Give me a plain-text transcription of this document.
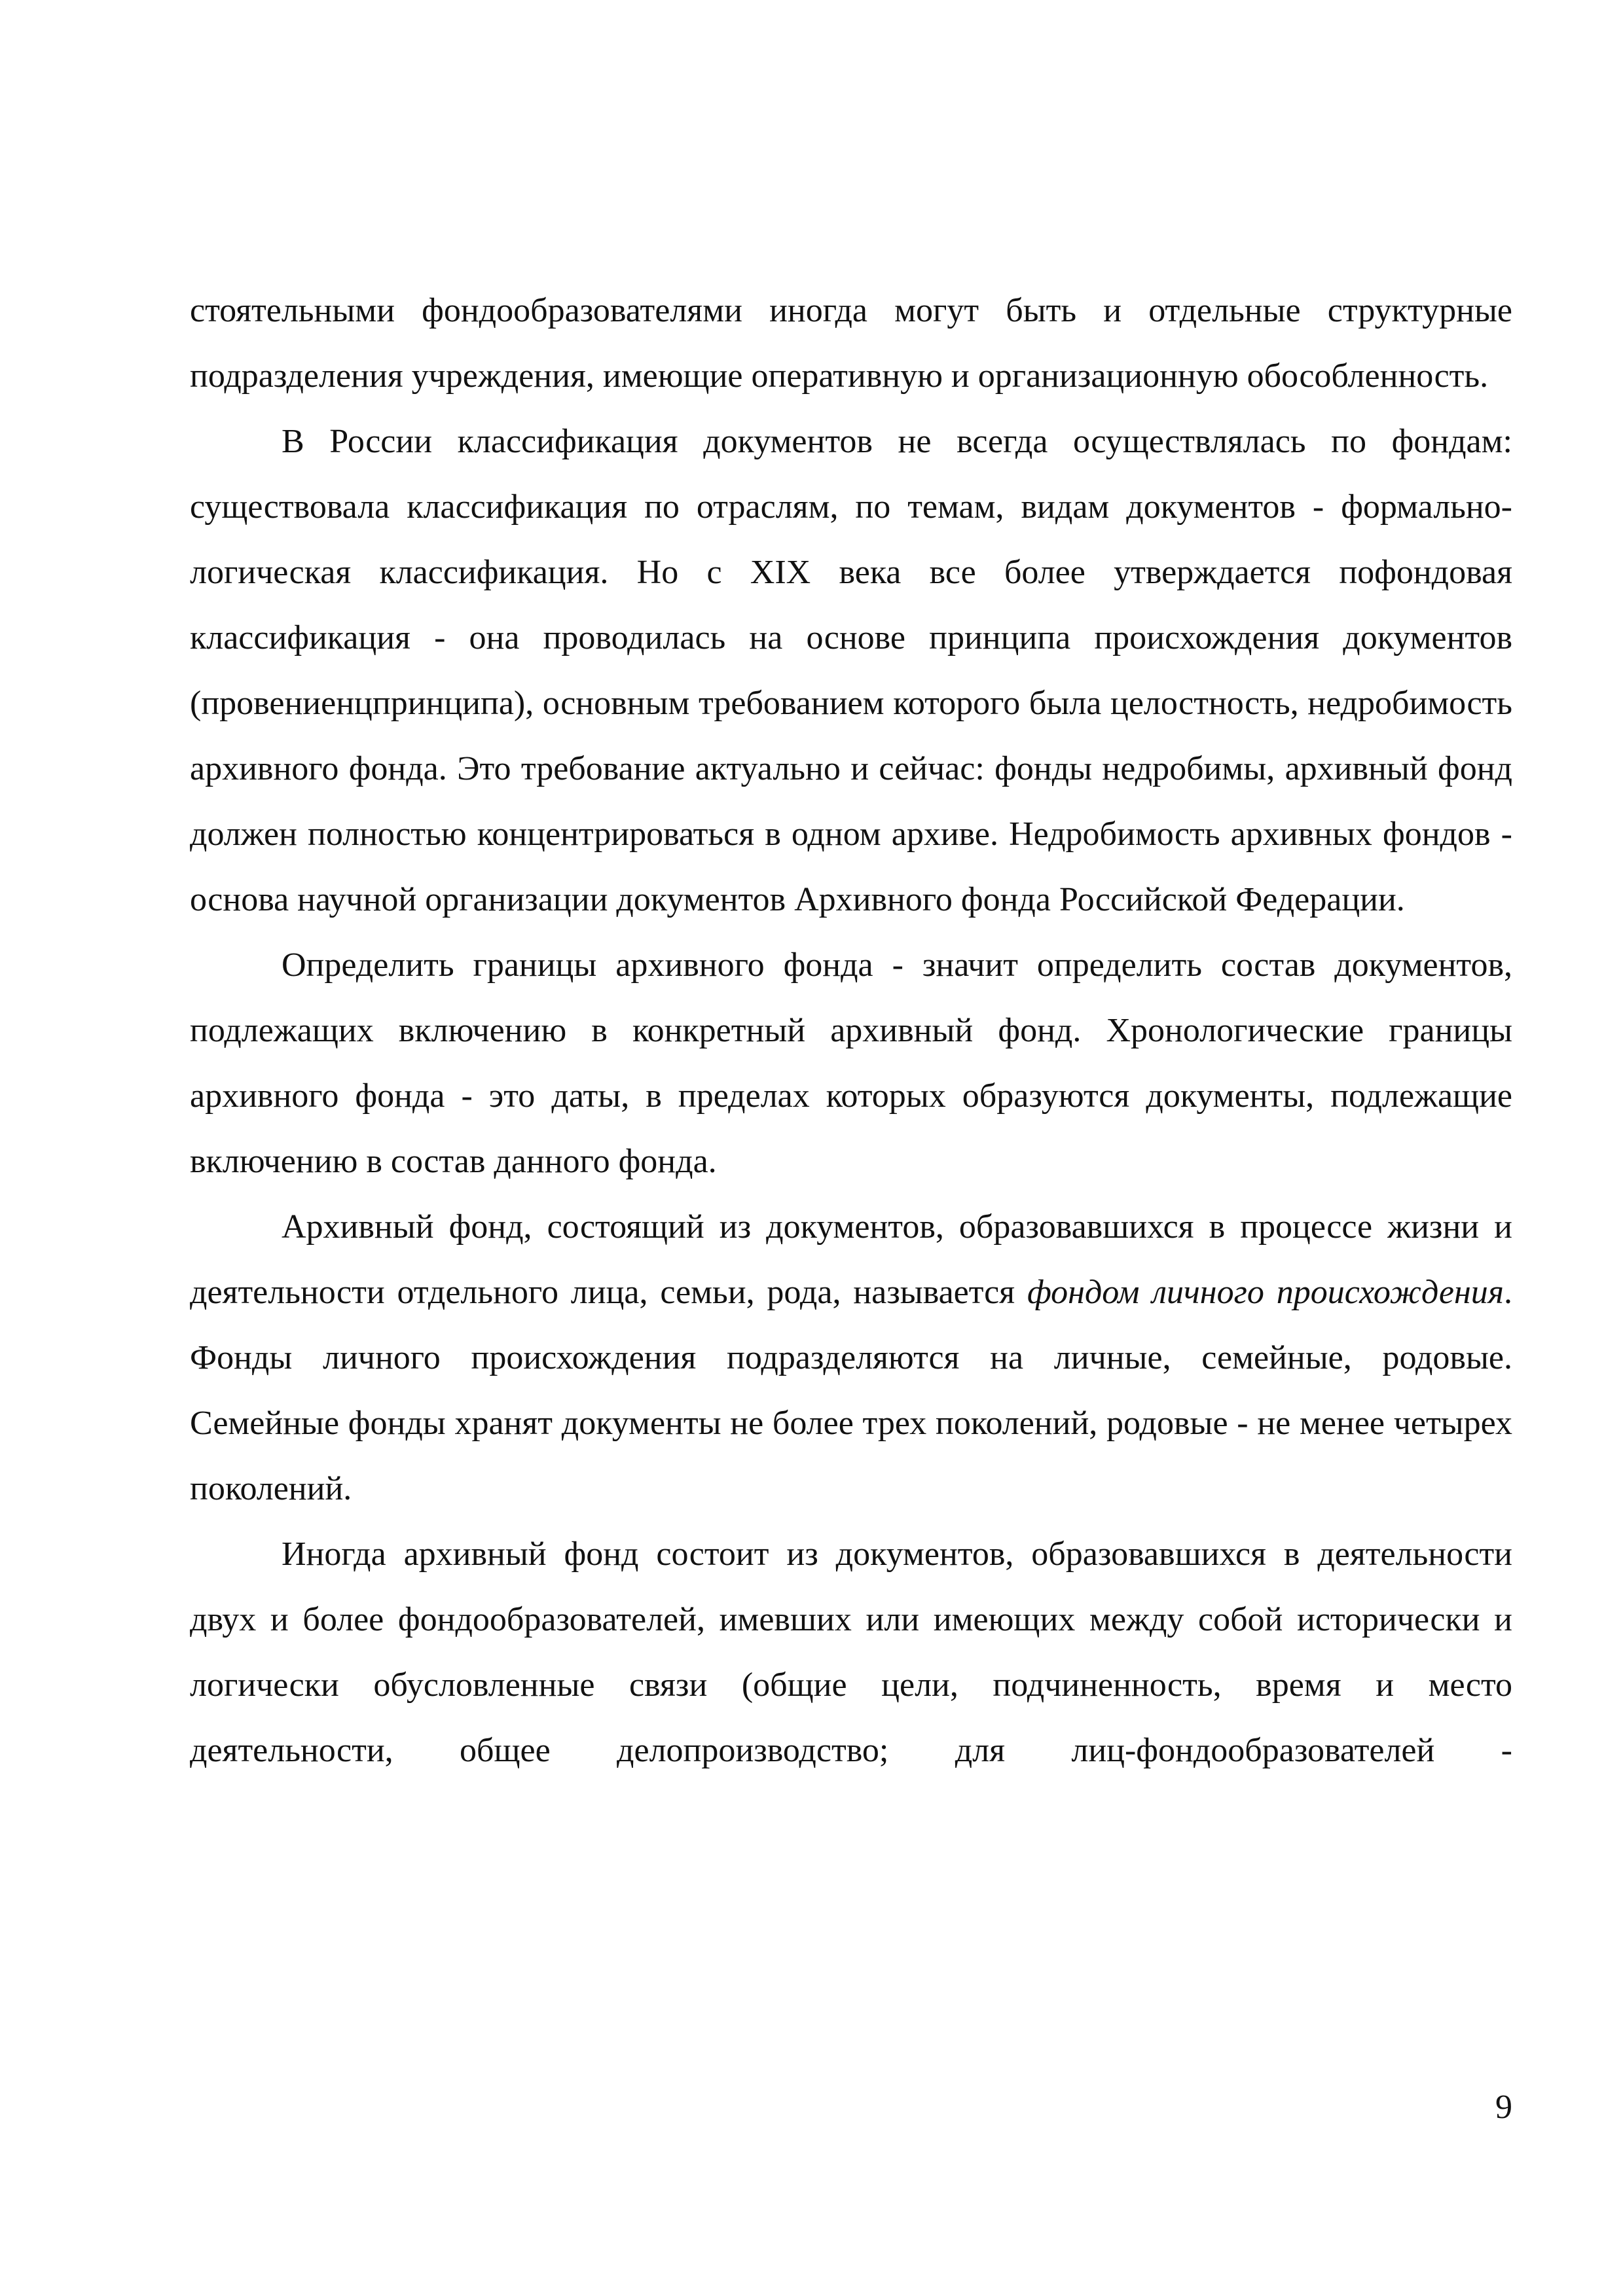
стоятельными фондообразователями иногда могут быть и отдельные структурные подразделения учреждения, имеющие оперативную и организационную обособленность.

В России классификация документов не всегда осуществлялась по фондам: существовала классификация по отраслям, по темам, видам документов - формально-логическая классификация. Но с XIX века все более утверждается пофондовая классификация - она проводилась на основе принципа происхождения документов (провениенцпринципа), основным требованием которого была целостность, недробимость архивного фонда. Это требование актуально и сейчас: фонды недробимы, архивный фонд должен полностью концентрироваться в одном архиве. Недробимость архивных фондов - основа научной организации документов Архивного фонда Российской Федерации.

Определить границы архивного фонда - значит определить состав документов, подлежащих включению в конкретный архивный фонд. Хронологические границы архивного фонда - это даты, в пределах которых образуются документы, подлежащие включению в состав данного фонда.

Архивный фонд, состоящий из документов, образовавшихся в процессе жизни и деятельности отдельного лица, семьи, рода, называется фондом личного происхождения. Фонды личного происхождения подразделяются на личные, семейные, родовые. Семейные фонды хранят документы не более трех поколений, родовые - не менее четырех поколений.

Иногда архивный фонд состоит из документов, образовавшихся в деятельности двух и более фондообразователей, имевших или имеющих между собой исторически и логически обусловленные связи (общие цели, подчиненность, время и место деятельности, общее делопроизводство; для лиц-фондообразователей -

9
